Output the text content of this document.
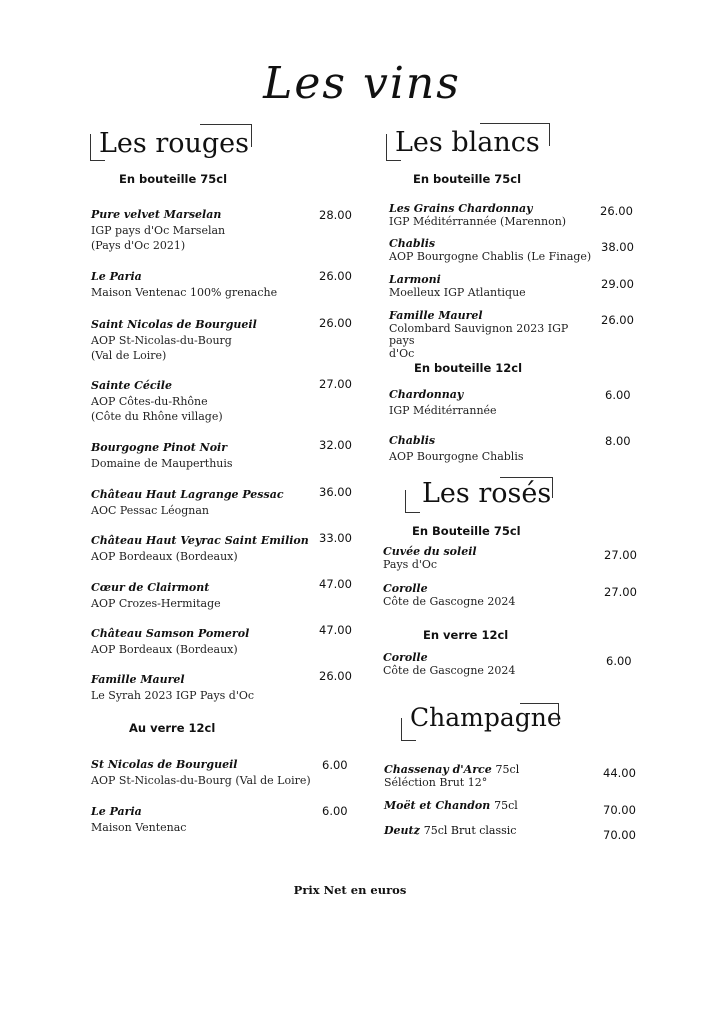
Les vins
Les rouges
En bouteille 75cl
Pure velvet Marselan
IGP pays d'Oc Marselan
(Pays d'Oc 2021)
28.00
Le Paria
Maison Ventenac 100% grenache
26.00
Saint Nicolas de Bourgueil
AOP St-Nicolas-du-Bourg
(Val de Loire)
26.00
Sainte Cécile
AOP Côtes-du-Rhône
(Côte du Rhône village)
27.00
Bourgogne Pinot Noir
Domaine de Mauperthuis
32.00
Château Haut Lagrange Pessac
AOC Pessac Léognan
36.00
Château Haut Veyrac Saint Emilion
AOP Bordeaux (Bordeaux)
33.00
Cœur de Clairmont
AOP Crozes-Hermitage
47.00
Château Samson Pomerol
AOP Bordeaux (Bordeaux)
47.00
Famille Maurel
Le Syrah 2023 IGP Pays d'Oc
26.00
Au verre 12cl
St Nicolas de Bourgueil
AOP St-Nicolas-du-Bourg (Val de Loire)
6.00
Le Paria
Maison Ventenac
6.00
Les blancs
En bouteille 75cl
Les Grains Chardonnay
IGP Méditérrannée (Marennon)
26.00
Chablis
AOP Bourgogne Chablis (Le Finage)
38.00
Larmoni
Moelleux IGP Atlantique
29.00
Famille Maurel
Colombard Sauvignon 2023 IGP pays
d'Oc
26.00
En bouteille 12cl
Chardonnay
IGP Méditérrannée
6.00
Chablis
AOP Bourgogne Chablis
8.00
Les rosés
En Bouteille 75cl
Cuvée du soleil
Pays d'Oc
27.00
Corolle
Côte de Gascogne 2024
27.00
En verre 12cl
Corolle
Côte de Gascogne 2024
6.00
Champagne
Chassenay d'Arce 75cl
Séléction Brut 12°
44.00
Moët et Chandon 75cl	70.00
Deutz 75cl Brut classic	70.00
Prix Net en euros
